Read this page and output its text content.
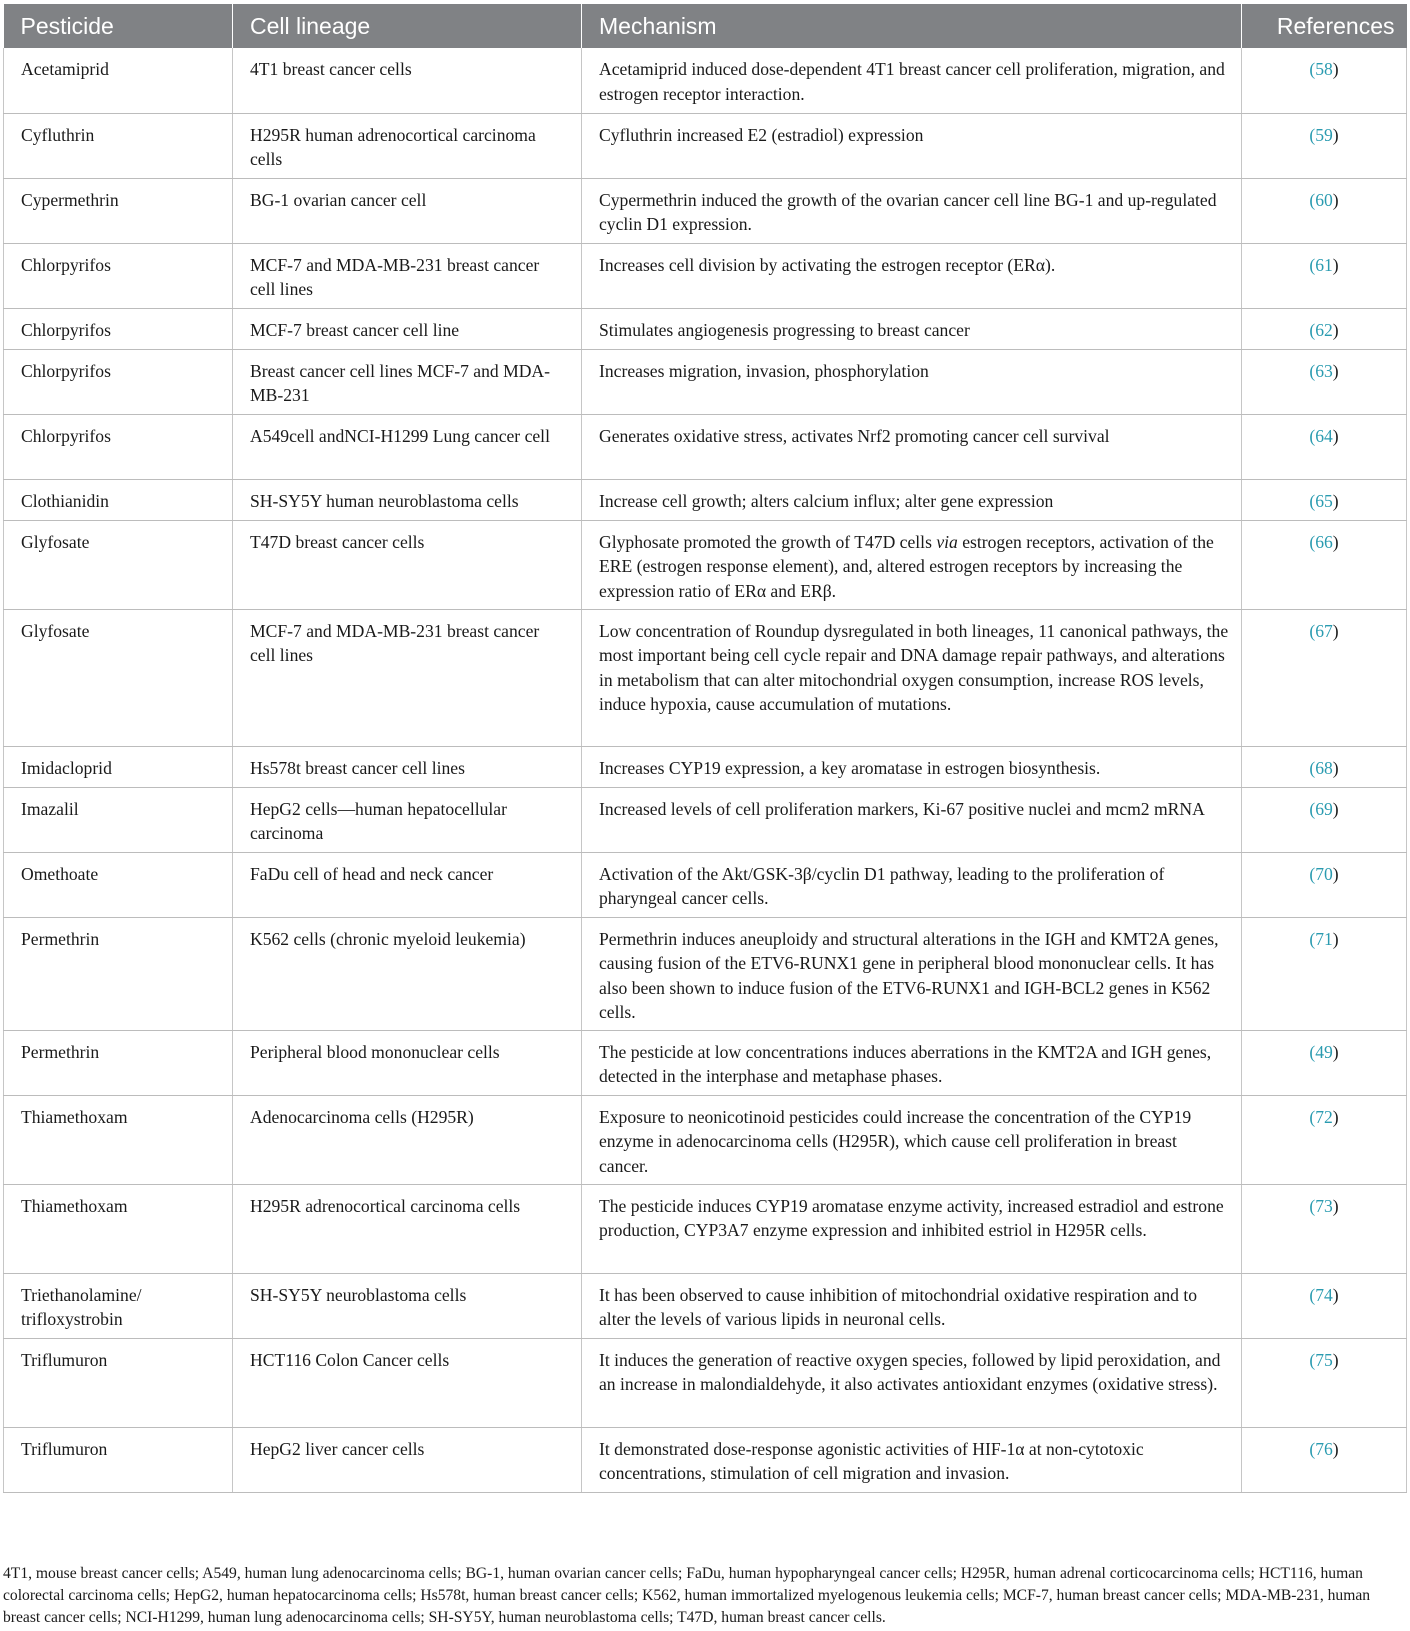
Pesticide	Cell lineage	Mechanism	References
Acetamiprid	4T1 breast cancer cells	Acetamiprid induced dose-dependent 4T1 breast cancer cell proliferation, migration, and estrogen receptor interaction.	(58)
Cyfluthrin	H295R human adrenocortical carcinoma cells	Cyfluthrin increased E2 (estradiol) expression	(59)
Cypermethrin	BG-1 ovarian cancer cell	Cypermethrin induced the growth of the ovarian cancer cell line BG-1 and up-regulated cyclin D1 expression.	(60)
Chlorpyrifos	MCF-7 and MDA-MB-231 breast cancer cell lines	Increases cell division by activating the estrogen receptor (ERα).	(61)
Chlorpyrifos	MCF-7 breast cancer cell line	Stimulates angiogenesis progressing to breast cancer	(62)
Chlorpyrifos	Breast cancer cell lines MCF-7 and MDA-MB-231	Increases migration, invasion, phosphorylation	(63)
Chlorpyrifos	A549cell andNCI-H1299 Lung cancer cell	Generates oxidative stress, activates Nrf2 promoting cancer cell survival	(64)
Clothianidin	SH-SY5Y human neuroblastoma cells	Increase cell growth; alters calcium influx; alter gene expression	(65)
Glyfosate	T47D breast cancer cells	Glyphosate promoted the growth of T47D cells via estrogen receptors, activation of the ERE (estrogen response element), and, altered estrogen receptors by increasing the expression ratio of ERα and ERβ.	(66)
Glyfosate	MCF-7 and MDA-MB-231 breast cancer cell lines	Low concentration of Roundup dysregulated in both lineages, 11 canonical pathways, the most important being cell cycle repair and DNA damage repair pathways, and alterations in metabolism that can alter mitochondrial oxygen consumption, increase ROS levels, induce hypoxia, cause accumulation of mutations.	(67)
Imidacloprid	Hs578t breast cancer cell lines	Increases CYP19 expression, a key aromatase in estrogen biosynthesis.	(68)
Imazalil	HepG2 cells—human hepatocellular carcinoma	Increased levels of cell proliferation markers, Ki-67 positive nuclei and mcm2 mRNA	(69)
Omethoate	FaDu cell of head and neck cancer	Activation of the Akt/GSK-3β/cyclin D1 pathway, leading to the proliferation of pharyngeal cancer cells.	(70)
Permethrin	K562 cells (chronic myeloid leukemia)	Permethrin induces aneuploidy and structural alterations in the IGH and KMT2A genes, causing fusion of the ETV6-RUNX1 gene in peripheral blood mononuclear cells. It has also been shown to induce fusion of the ETV6-RUNX1 and IGH-BCL2 genes in K562 cells.	(71)
Permethrin	Peripheral blood mononuclear cells	The pesticide at low concentrations induces aberrations in the KMT2A and IGH genes, detected in the interphase and metaphase phases.	(49)
Thiamethoxam	Adenocarcinoma cells (H295R)	Exposure to neonicotinoid pesticides could increase the concentration of the CYP19 enzyme in adenocarcinoma cells (H295R), which cause cell proliferation in breast cancer.	(72)
Thiamethoxam	H295R adrenocortical carcinoma cells	The pesticide induces CYP19 aromatase enzyme activity, increased estradiol and estrone production, CYP3A7 enzyme expression and inhibited estriol in H295R cells.	(73)
Triethanolamine/ trifloxystrobin	SH-SY5Y neuroblastoma cells	It has been observed to cause inhibition of mitochondrial oxidative respiration and to alter the levels of various lipids in neuronal cells.	(74)
Triflumuron	HCT116 Colon Cancer cells	It induces the generation of reactive oxygen species, followed by lipid peroxidation, and an increase in malondialdehyde, it also activates antioxidant enzymes (oxidative stress).	(75)
Triflumuron	HepG2 liver cancer cells	It demonstrated dose-response agonistic activities of HIF-1α at non-cytotoxic concentrations, stimulation of cell migration and invasion.	(76)
4T1, mouse breast cancer cells; A549, human lung adenocarcinoma cells; BG-1, human ovarian cancer cells; FaDu, human hypopharyngeal cancer cells; H295R, human adrenal corticocarcinoma cells; HCT116, human colorectal carcinoma cells; HepG2, human hepatocarcinoma cells; Hs578t, human breast cancer cells; K562, human immortalized myelogenous leukemia cells; MCF-7, human breast cancer cells; MDA-MB-231, human breast cancer cells; NCI-H1299, human lung adenocarcinoma cells; SH-SY5Y, human neuroblastoma cells; T47D, human breast cancer cells.
